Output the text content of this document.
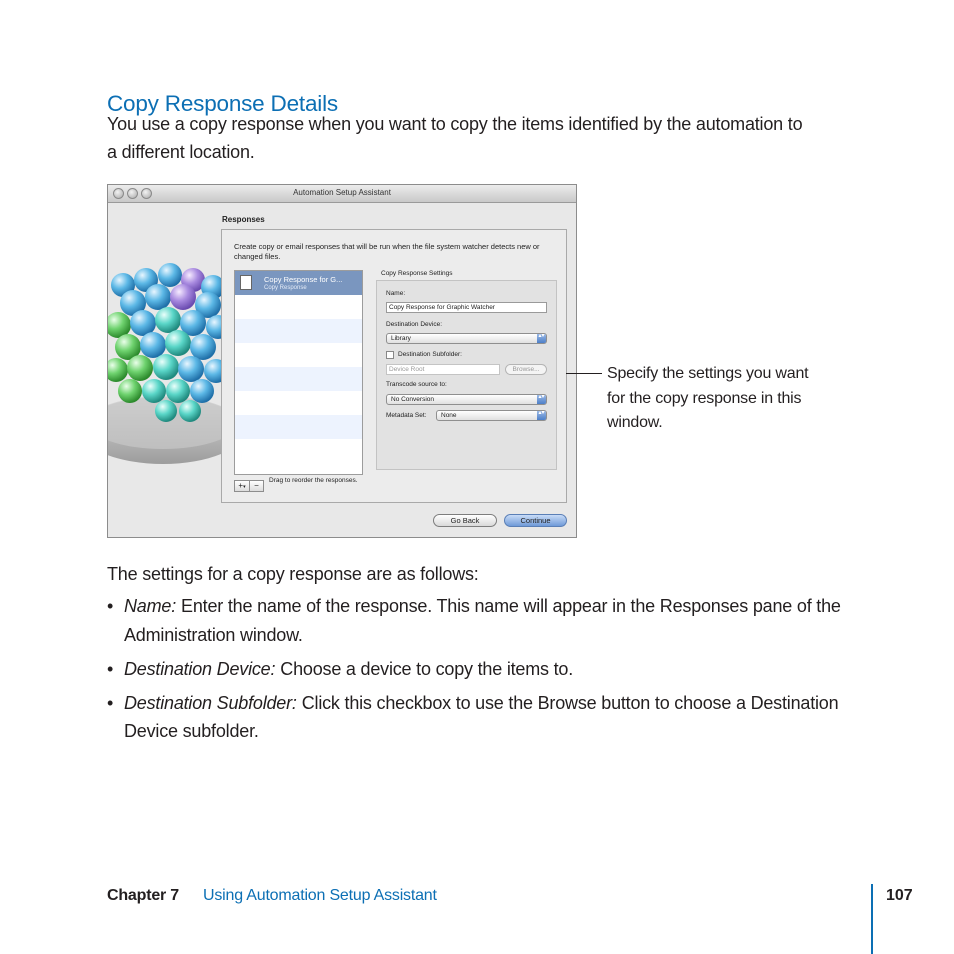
Copy Response Details
You use a copy response when you want to copy the items identified by the automation to a different location.
Automation Setup Assistant
Responses
Create copy or email responses that will be run when the file system watcher detects new or changed files.
Copy Response for G...
Copy Response
+▾	−
Drag to reorder the responses.
Copy Response Settings
Name:
Copy Response for Graphic Watcher
Destination Device:
Library	▴▾
Destination Subfolder:
Device Root	Browse...
Transcode source to:
No Conversion	▴▾
Metadata Set:	None	▴▾
Go Back	Continue
Specify the settings you want for the copy response in this window.
The settings for a copy response are as follows:
• Name: Enter the name of the response. This name will appear in the Responses pane of the Administration window.
• Destination Device: Choose a device to copy the items to.
• Destination Subfolder: Click this checkbox to use the Browse button to choose a Destination Device subfolder.
Chapter 7 Using Automation Setup Assistant	107
